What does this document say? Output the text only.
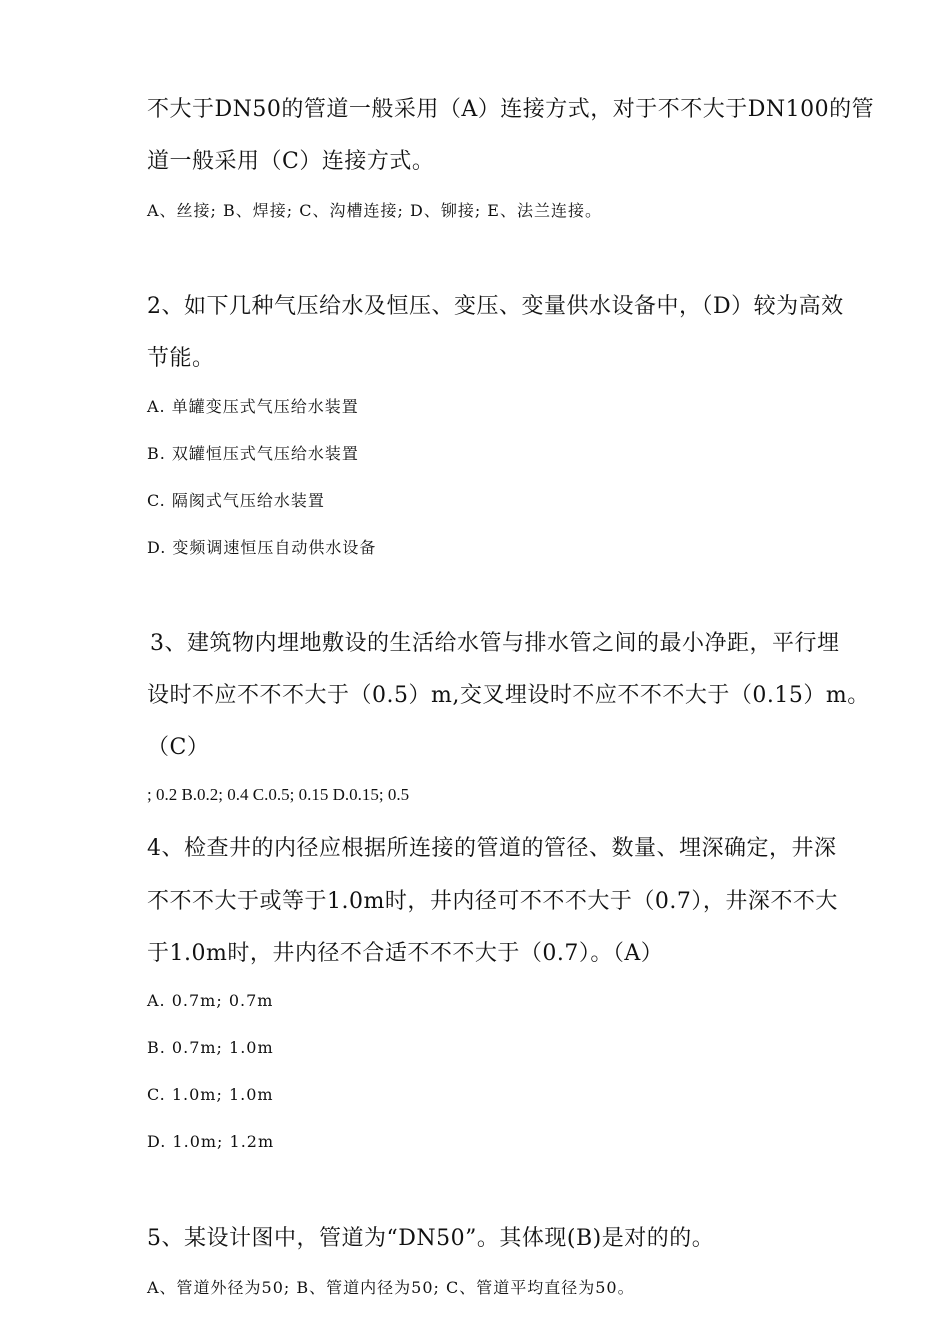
不大于DN50的管道一般采用（A）连接方式，对于不不大于DN100的管
道一般采用（C）连接方式。
A、丝接; B、焊接; C、沟槽连接; D、铆接; E、法兰连接。
2、如下几种气压给水及恒压、变压、变量供水设备中，（D）较为高效
节能。
A. 单罐变压式气压给水装置
B. 双罐恒压式气压给水装置
C. 隔阂式气压给水装置
D. 变频调速恒压自动供水设备
3、建筑物内埋地敷设的生活给水管与排水管之间的最小净距，平行埋
设时不应不不不大于（0.5）m,交叉埋设时不应不不不大于（0.15）m。
（C）
; 0.2 B.0.2; 0.4 C.0.5; 0.15 D.0.15; 0.5
4、检查井的内径应根据所连接的管道的管径、数量、埋深确定，井深
不不不大于或等于1.0m时，井内径可不不不大于（0.7），井深不不大
于1.0m时，井内径不合适不不不大于（0.7）。（A）
A. 0.7m; 0.7m
B. 0.7m; 1.0m
C. 1.0m; 1.0m
D. 1.0m; 1.2m
5、某设计图中，管道为“DN50”。其体现(B)是对的的。
A、管道外径为50; B、管道内径为50; C、管道平均直径为50。
